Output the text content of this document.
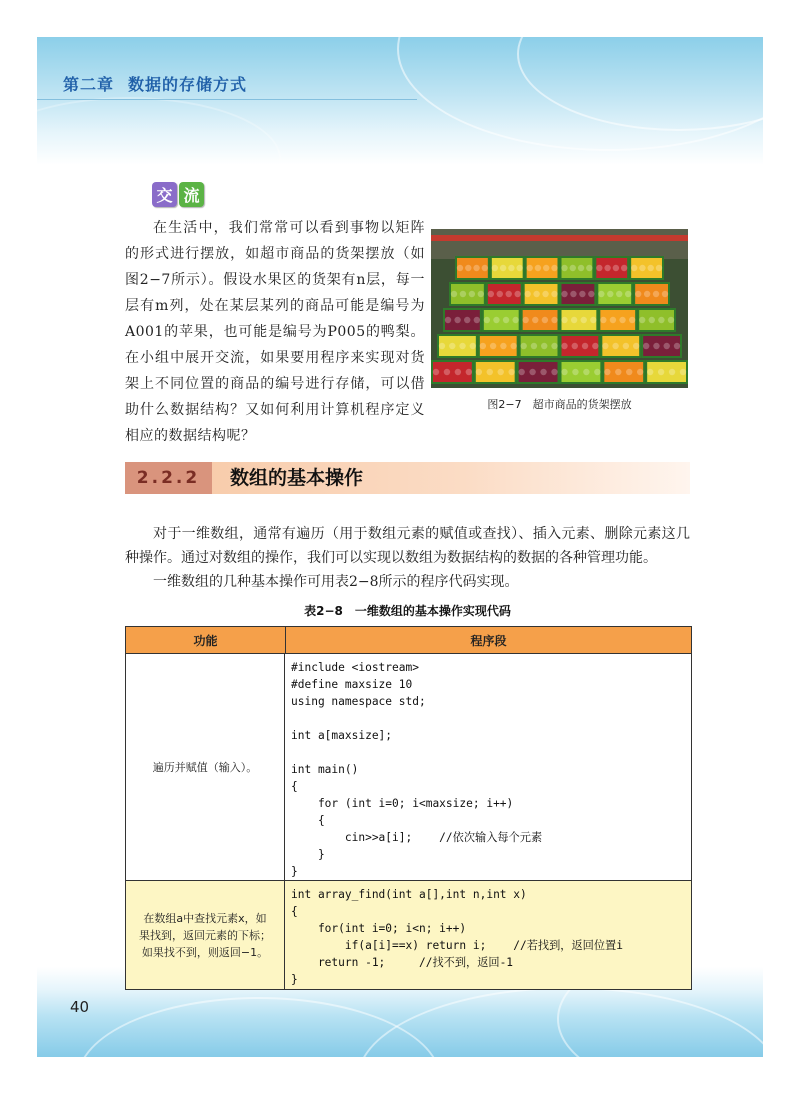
第二章 数据的存储方式
40
交 流
在生活中，我们常常可以看到事物以矩阵的形式进行摆放，如超市商品的货架摆放（如图2−7所示）。假设水果区的货架有n层，每一层有m列，处在某层某列的商品可能是编号为A001的苹果，也可能是编号为P005的鸭梨。在小组中展开交流，如果要用程序来实现对货架上不同位置的商品的编号进行存储，可以借助什么数据结构？又如何利用计算机程序定义相应的数据结构呢？
图2−7　超市商品的货架摆放
2.2.2	数组的基本操作
对于一维数组，通常有遍历（用于数组元素的赋值或查找）、插入元素、删除元素这几种操作。通过对数组的操作，我们可以实现以数组为数据结构的数据的各种管理功能。
一维数组的几种基本操作可用表2−8所示的程序代码实现。
表2−8　一维数组的基本操作实现代码
功能	程序段
遍历并赋值（输入）。
#include <iostream>
#define maxsize 10
using namespace std;
int a[maxsize];
int main()
{
for (int i=0; i<maxsize; i++)
{
cin>>a[i];    //依次输入每个元素
}
}
在数组a中查找元素x，如果找到，返回元素的下标；如果找不到，则返回−1。
int array_find(int a[],int n,int x)
{
for(int i=0; i<n; i++)
if(a[i]==x) return i;    //若找到，返回位置i
return -1;     //找不到，返回-1
}
